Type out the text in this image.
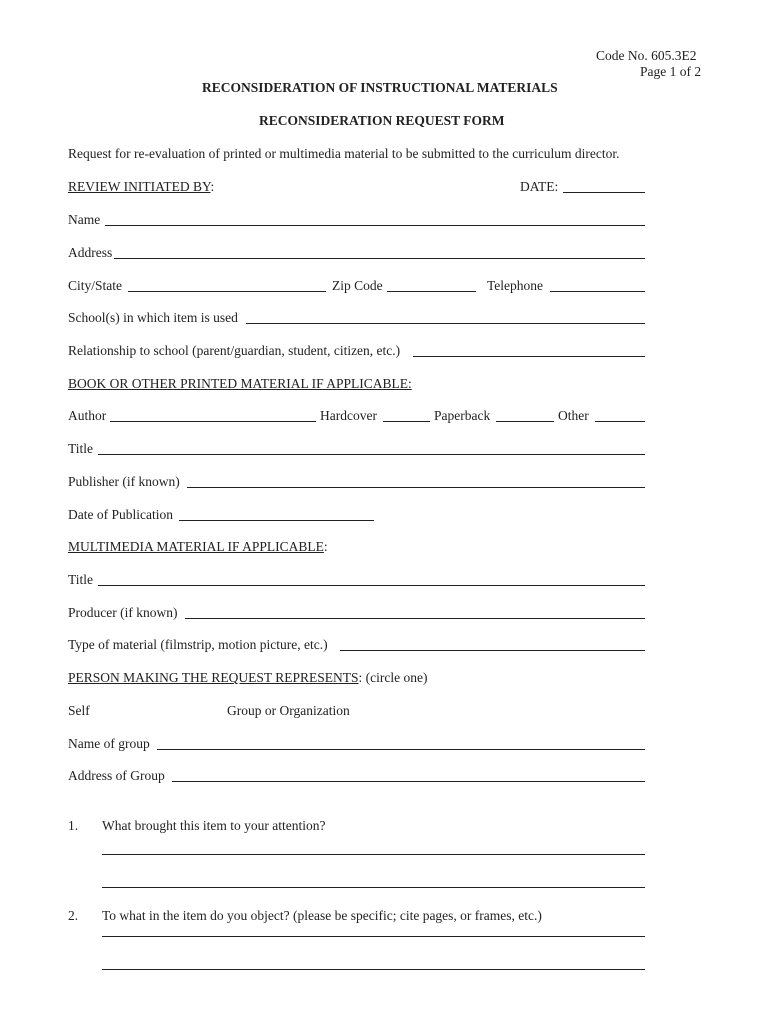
Code No. 605.3E2
Page 1 of 2
RECONSIDERATION OF INSTRUCTIONAL MATERIALS
RECONSIDERATION REQUEST FORM
Request for re-evaluation of printed or multimedia material to be submitted to the curriculum director.
REVIEW INITIATED BY:	DATE:
Name
Address
City/State	Zip Code	Telephone
School(s) in which item is used
Relationship to school (parent/guardian, student, citizen, etc.)
BOOK OR OTHER PRINTED MATERIAL IF APPLICABLE:
Author	Hardcover	Paperback	Other
Title
Publisher (if known)
Date of Publication
MULTIMEDIA MATERIAL IF APPLICABLE:
Title
Producer (if known)
Type of material (filmstrip, motion picture, etc.)
PERSON MAKING THE REQUEST REPRESENTS: (circle one)
Self	Group or Organization
Name of group
Address of Group
1. What brought this item to your attention?
2. To what in the item do you object? (please be specific; cite pages, or frames, etc.)
